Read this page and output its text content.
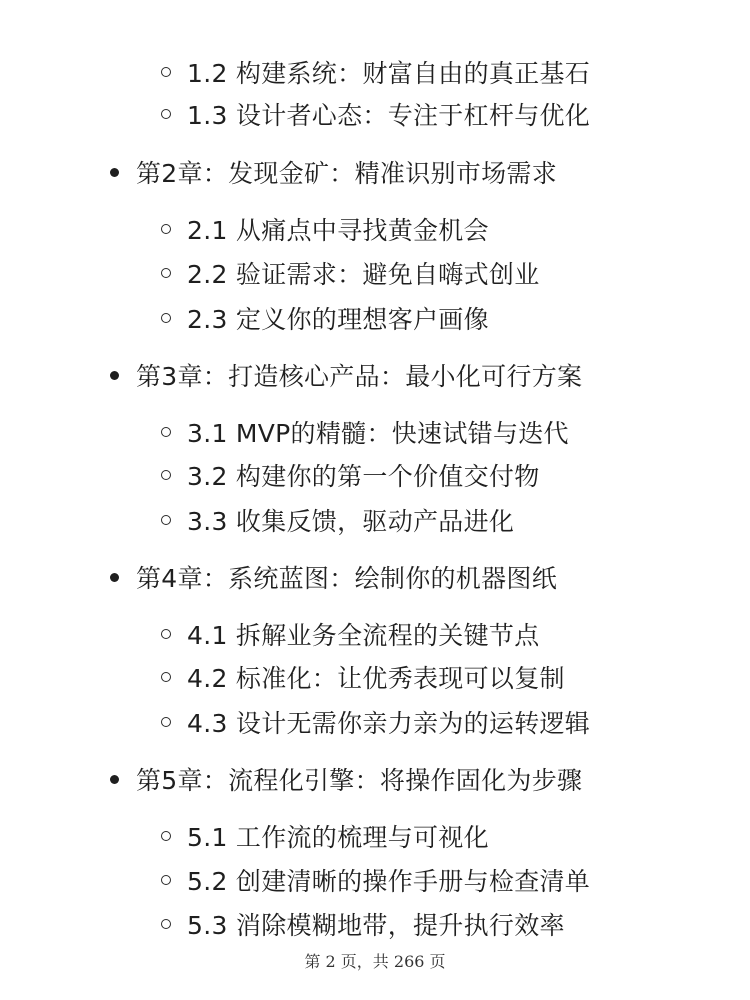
1.2 构建系统：财富自由的真正基石
1.3 设计者心态：专注于杠杆与优化
第2章：发现金矿：精准识别市场需求
2.1 从痛点中寻找黄金机会
2.2 验证需求：避免自嗨式创业
2.3 定义你的理想客户画像
第3章：打造核心产品：最小化可行方案
3.1 MVP的精髓：快速试错与迭代
3.2 构建你的第一个价值交付物
3.3 收集反馈，驱动产品进化
第4章：系统蓝图：绘制你的机器图纸
4.1 拆解业务全流程的关键节点
4.2 标准化：让优秀表现可以复制
4.3 设计无需你亲力亲为的运转逻辑
第5章：流程化引擎：将操作固化为步骤
5.1 工作流的梳理与可视化
5.2 创建清晰的操作手册与检查清单
5.3 消除模糊地带，提升执行效率
第 2 页，共 266 页
